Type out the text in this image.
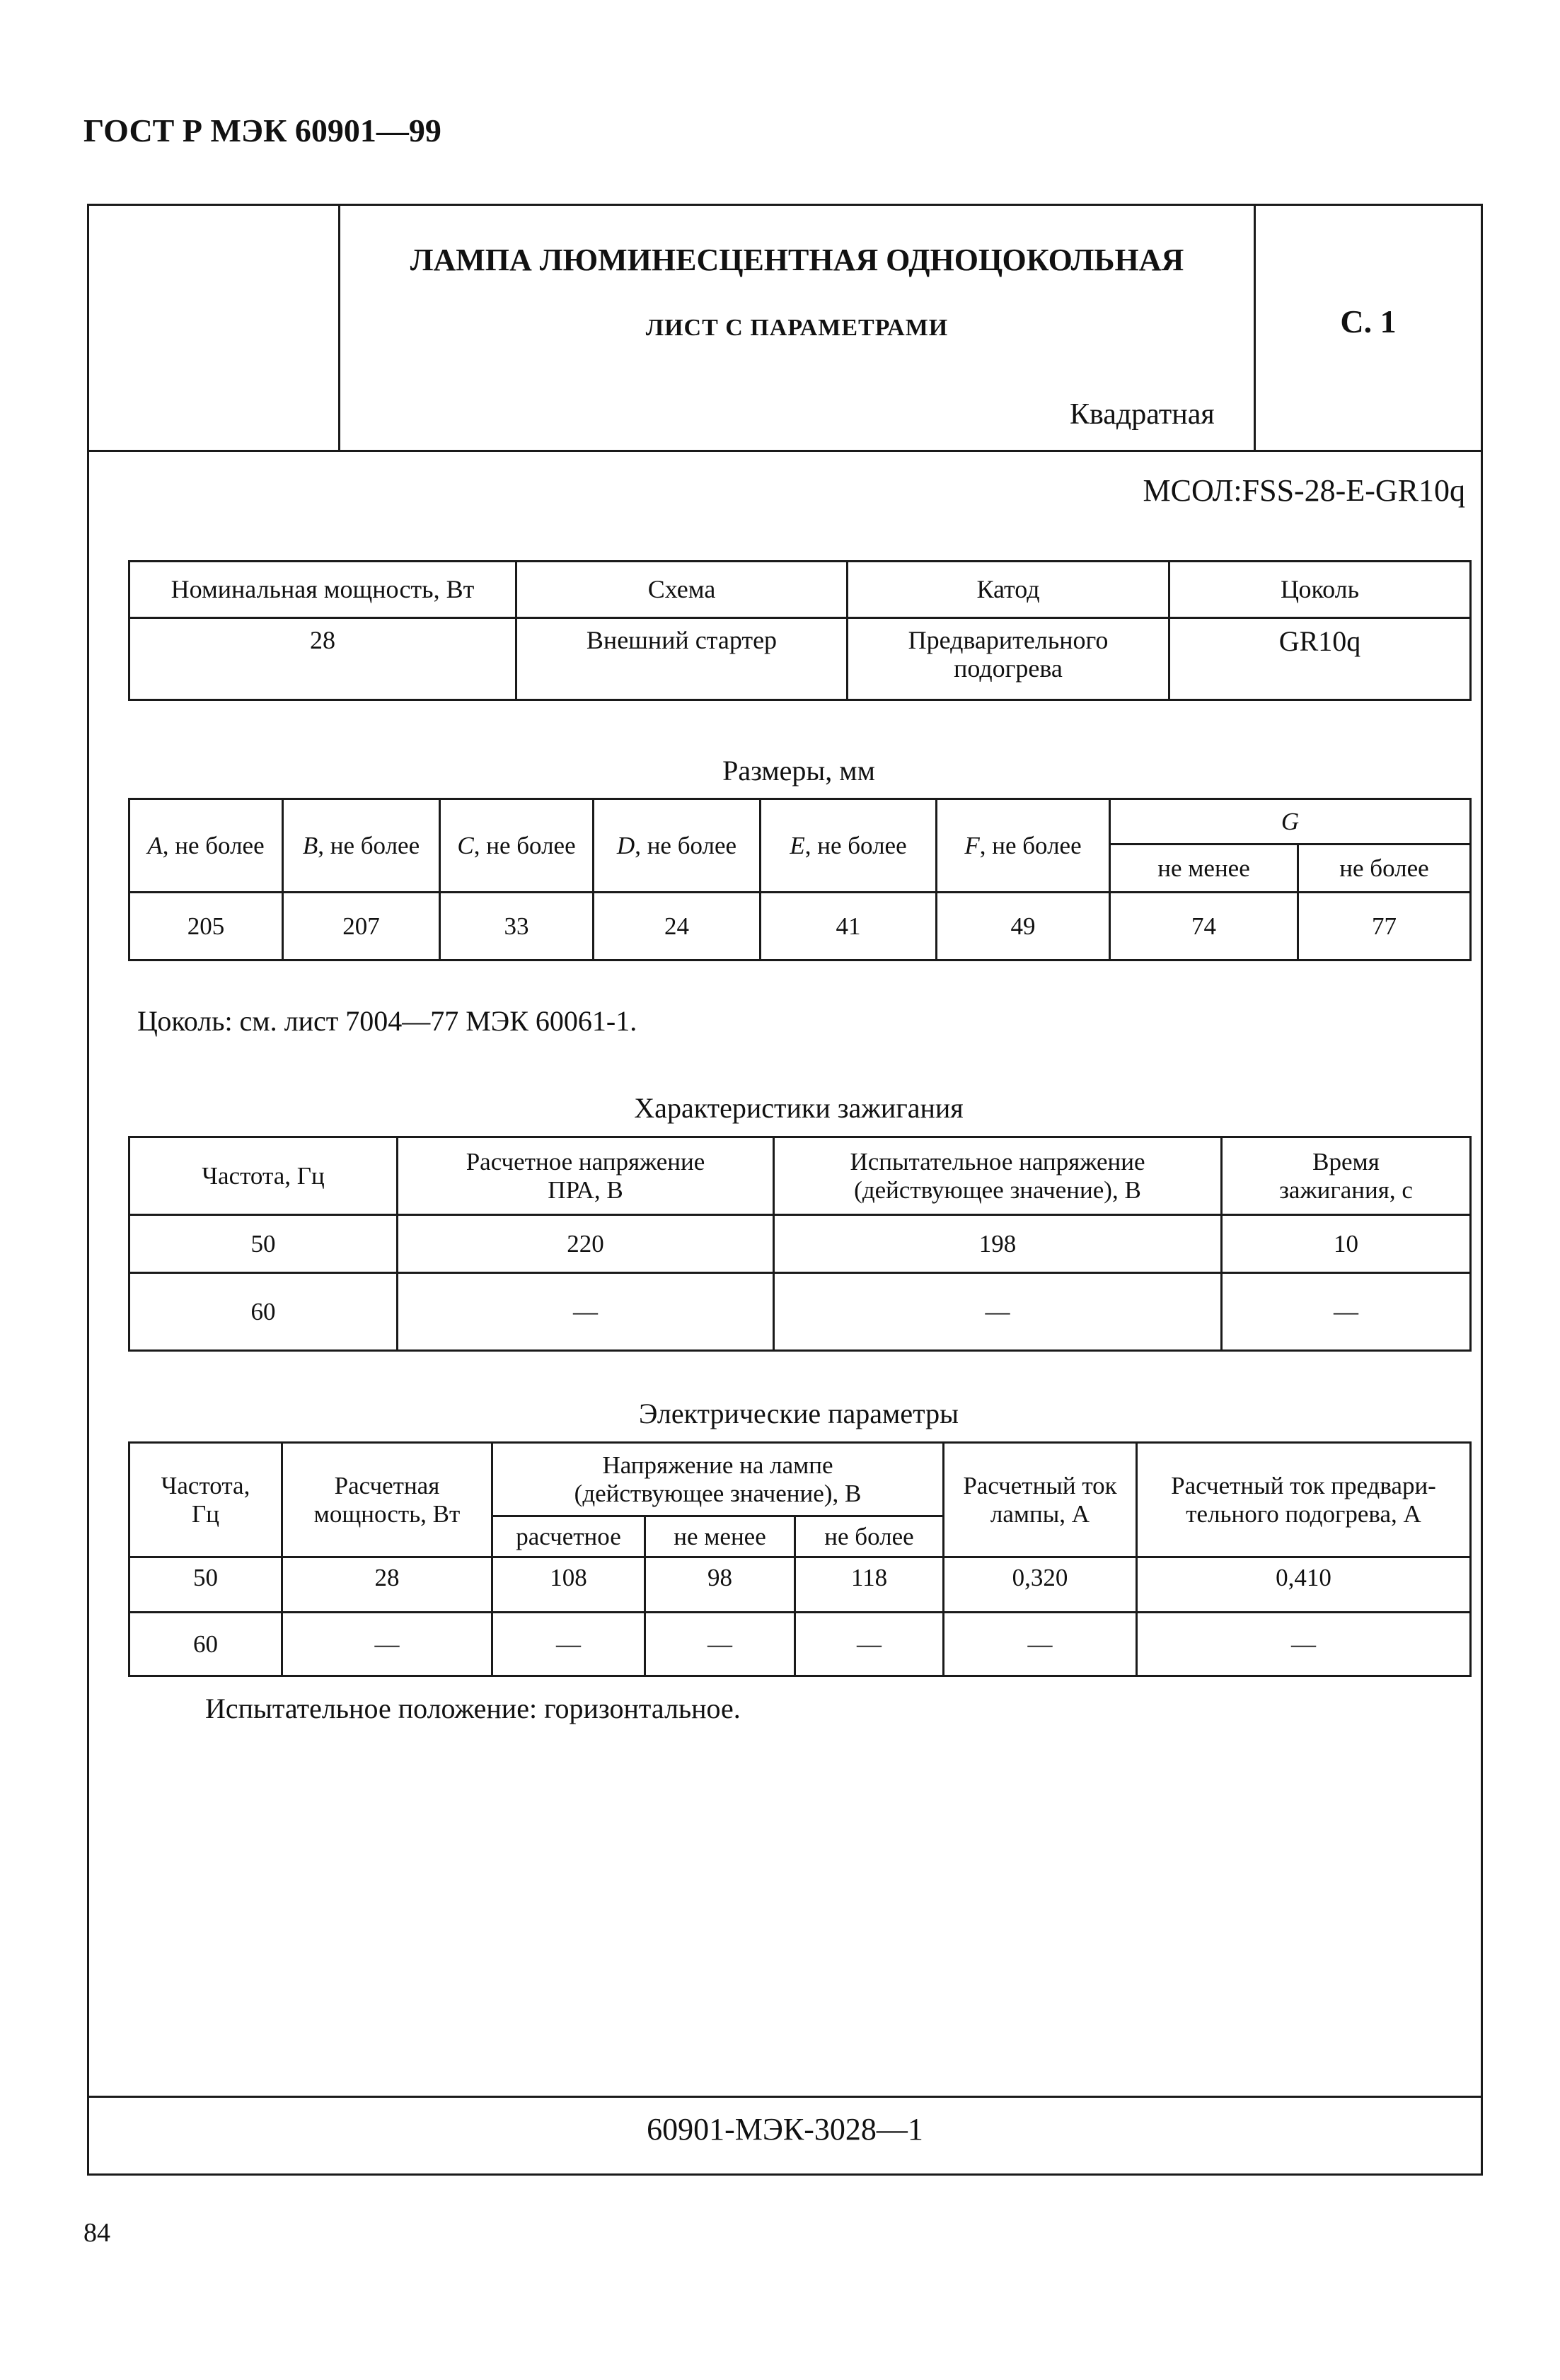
ГОСТ Р МЭК 60901—99
ЛАМПА ЛЮМИНЕСЦЕНТНАЯ ОДНОЦОКОЛЬНАЯ
ЛИСТ С ПАРАМЕТРАМИ
Квадратная
С. 1
МСОЛ:FSS-28-E-GR10q
Номинальная мощность, Вт	Схема	Катод	Цоколь
28	Внешний стартер	Предварительного подогрева	GR10q
Размеры, мм
A, не более	B, не более	C, не более	D, не более	E, не более	F, не более	G	
						не менее	не более
205	207	33	24	41	49	74	77
Цоколь: см. лист 7004—77 МЭК 60061-1.
Характеристики зажигания
Частота, Гц	Расчетное напряжение ПРА, В	Испытательное напряжение (действующее значение), В	Время зажигания, с
50	220	198	10
60	—	—	—
Электрические параметры
Частота, Гц	Расчетная мощность, Вт	Напряжение на лампе (действующее значение), В			Расчетный ток лампы, А	Расчетный ток предвари-тельного подогрева, А
		расчетное	не менее	не более		
50	28	108	98	118	0,320	0,410
60	—	—	—	—	—	—
Испытательное положение: горизонтальное.
60901-МЭК-3028—1
84
